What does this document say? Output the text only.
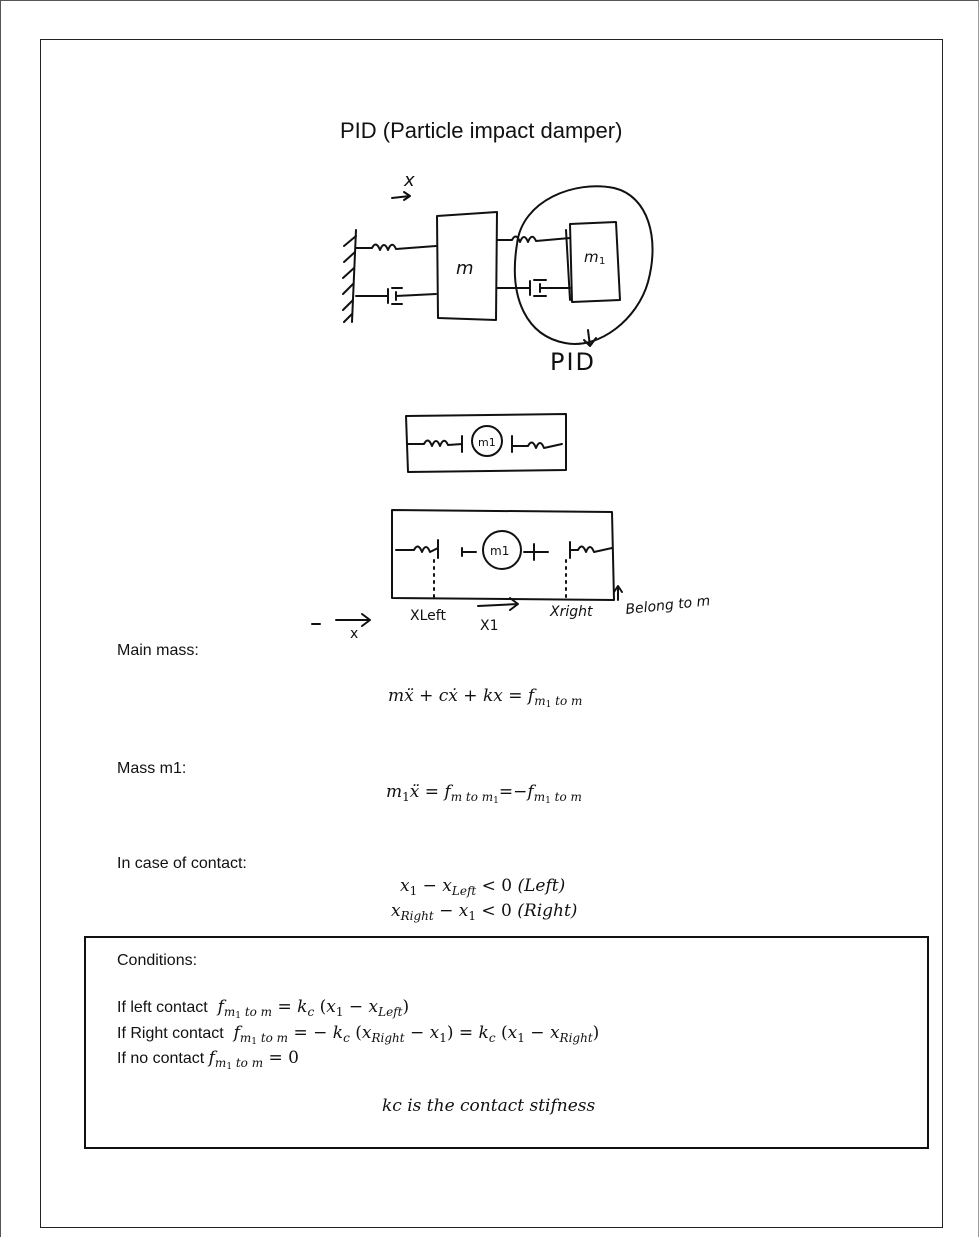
PID (Particle impact damper)
x
m
m 1
PID
m1
m1
XLeft
X1
Xright
x
Belong to m
Main mass:
mẍ + cẋ + kx = $f_{m_1 to m}$
Mass m1:
$m_1ẍ = f_{m to m_1}=-f_{m_1 to m}$
In case of contact:
$x_1 - x_{Left} < 0$ (Left)
$x_{Right} - x_1 < 0$ (Right)
Conditions:
If left contact  $f_{m_1 to m} = k_c$ $(x_1 - x_{Left})$
If Right contact  $f_{m_1 to m}$ = − $k_c$ $(x_{Right} - x_1) = k_c$ $(x_1 - x_{Right})$
If no contact $f_{m_1 to m} = 0$
kc is the contact stifness
